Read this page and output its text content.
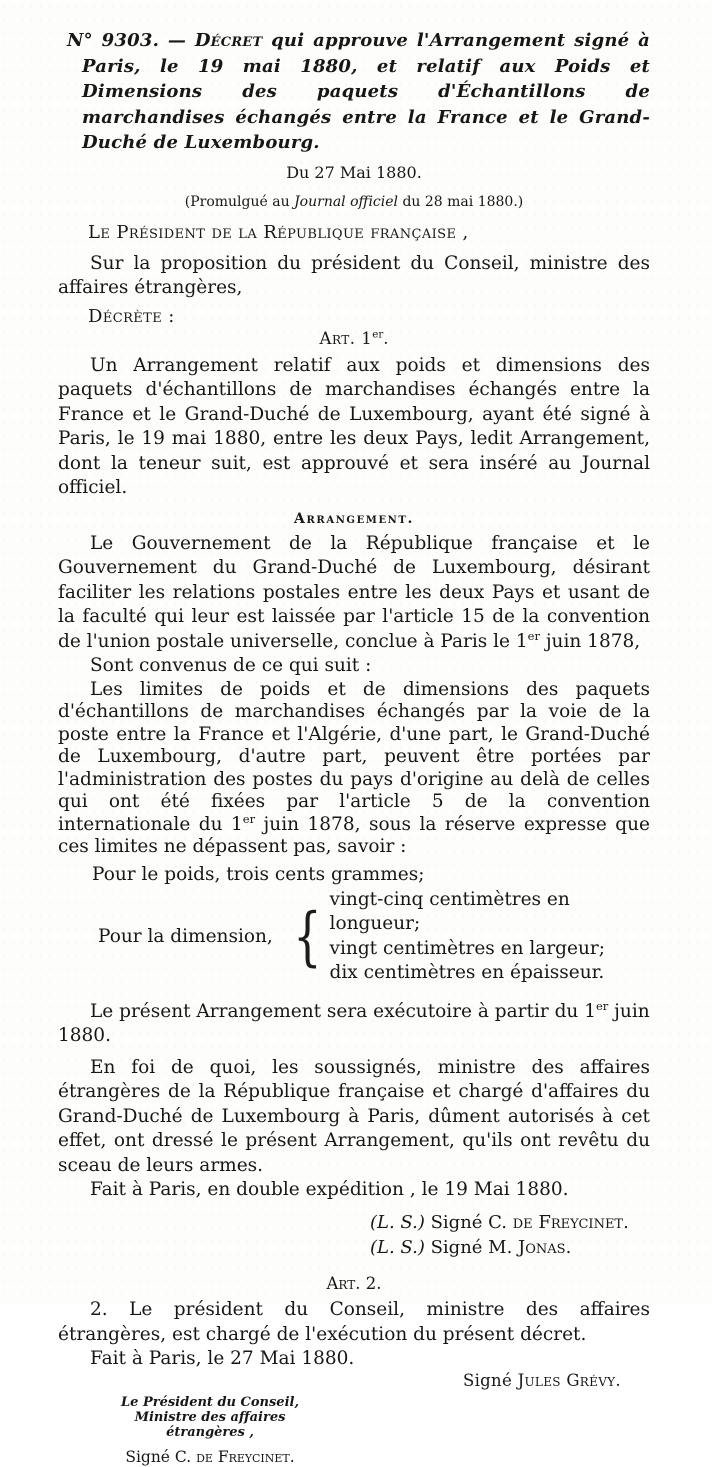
N° 9303. — Décret qui approuve l'Arrangement signé à Paris, le 19 mai 1880, et relatif aux Poids et Dimensions des paquets d'Échantillons de marchandises échangés entre la France et le Grand-Duché de Luxembourg.
Du 27 Mai 1880.
(Promulgué au Journal officiel du 28 mai 1880.)
Le Président de la République française ,
Sur la proposition du président du Conseil, ministre des affaires étrangères,
Décrète :
Art. 1er.
Un Arrangement relatif aux poids et dimensions des paquets d'échantillons de marchandises échangés entre la France et le Grand-Duché de Luxembourg, ayant été signé à Paris, le 19 mai 1880, entre les deux Pays, ledit Arrangement, dont la teneur suit, est approuvé et sera inséré au Journal officiel.
Arrangement.
Le Gouvernement de la République française et le Gouvernement du Grand-Duché de Luxembourg, désirant faciliter les relations postales entre les deux Pays et usant de la faculté qui leur est laissée par l'article 15 de la convention de l'union postale universelle, conclue à Paris le 1er juin 1878,
Sont convenus de ce qui suit :
Les limites de poids et de dimensions des paquets d'échantillons de marchandises échangés par la voie de la poste entre la France et l'Algérie, d'une part, le Grand-Duché de Luxembourg, d'autre part, peuvent être portées par l'administration des postes du pays d'origine au delà de celles qui ont été fixées par l'article 5 de la convention internationale du 1er juin 1878, sous la réserve expresse que ces limites ne dépassent pas, savoir :
Pour le poids, trois cents grammes;
Pour la dimension, {
vingt-cinq centimètres en longueur;
vingt centimètres en largeur;
dix centimètres en épaisseur.
Le présent Arrangement sera exécutoire à partir du 1er juin 1880.
En foi de quoi, les soussignés, ministre des affaires étrangères de la République française et chargé d'affaires du Grand-Duché de Luxembourg à Paris, dûment autorisés à cet effet, ont dressé le présent Arrangement, qu'ils ont revêtu du sceau de leurs armes.
Fait à Paris, en double expédition , le 19 Mai 1880.
(L. S.) Signé C. de Freycinet.
(L. S.) Signé M. Jonas.
Art. 2.
2. Le président du Conseil, ministre des affaires étrangères, est chargé de l'exécution du présent décret.
Fait à Paris, le 27 Mai 1880.
Signé Jules Grévy.
Le Président du Conseil,
Ministre des affaires étrangères ,
Signé C. de Freycinet.
